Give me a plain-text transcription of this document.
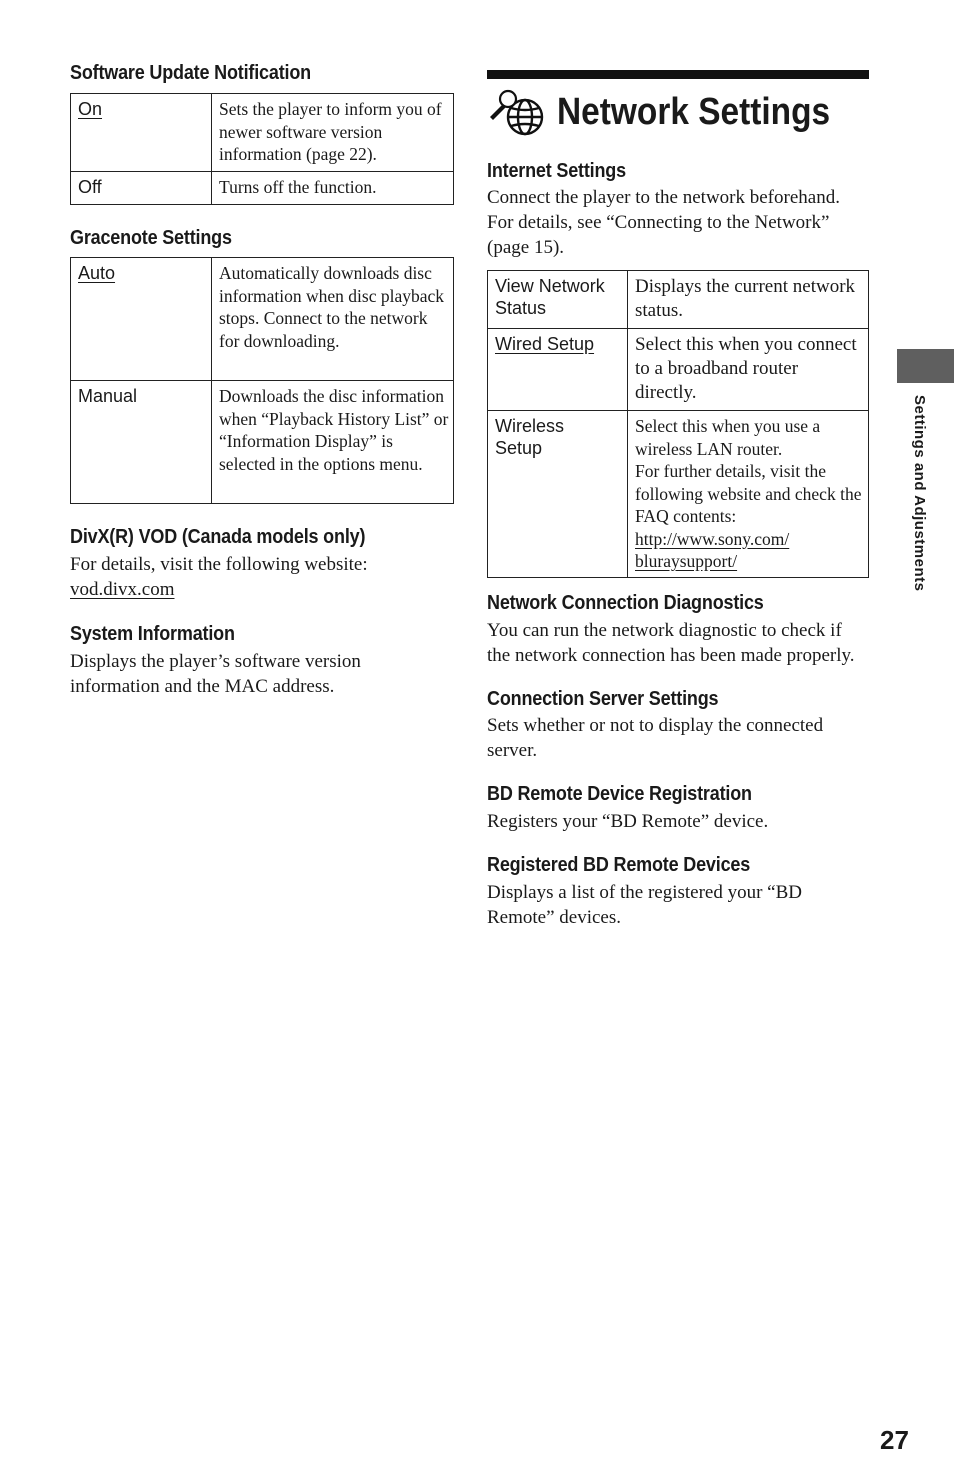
Software Update Notification
On	Sets the player to inform you of newer software version information (page 22).
Off	Turns off the function.
Gracenote Settings
Auto	Automatically downloads disc information when disc playback stops. Connect to the network for downloading.
Manual	Downloads the disc information when “Playback History List” or “Information Display” is selected in the options menu.
DivX(R) VOD (Canada models only)

For details, visit the following website:
vod.divx.com

System Information

Displays the player’s software version information and the MAC address.

Network Settings
Internet Settings

Connect the player to the network beforehand. For details, see “Connecting to the Network” (page 15).

View Network Status	Displays the current network status.
Wired Setup	Select this when you connect to a broadband router directly.
Wireless Setup	Select this when you use a wireless LAN router.
For further details, visit the following website and check the FAQ contents:
http://www.sony.com/
bluraysupport/
Network Connection Diagnostics

You can run the network diagnostic to check if the network connection has been made properly.

Connection Server Settings

Sets whether or not to display the connected server.

BD Remote Device Registration

Registers your “BD Remote” device.

Registered BD Remote Devices

Displays a list of the registered your “BD Remote” devices.

Settings and Adjustments
27
